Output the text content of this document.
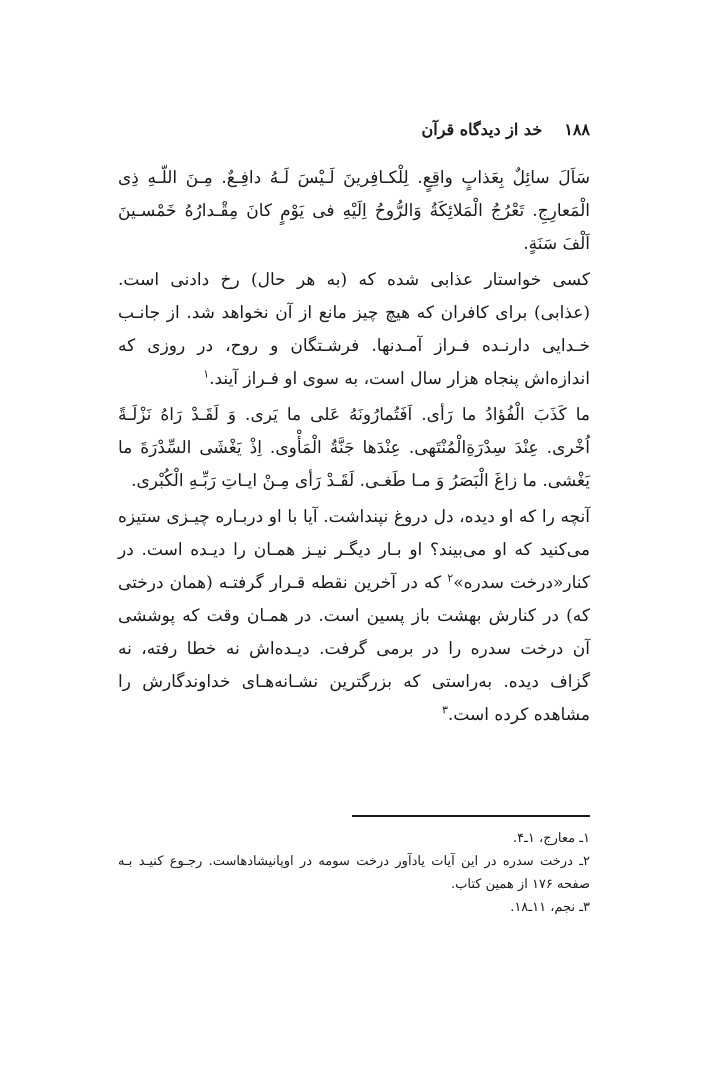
۱۸۸
خد از دیدگاه قرآن

سَاَلَ سائِلٌ بِعَذابٍ واقِعٍ. لِلْکـافِرینَ لَـیْسَ لَـهُ دافِـعٌ. مِـنَ اللّـهِ ذِی الْمَعارِجِ. تَعْرُجُ الْمَلائِکَةُ وَالرُّوحُ اِلَیْهِ فی یَوْمٍ کانَ مِقْـدارُهُ خَمْسـینَ اَلْفَ سَنَةٍ.

کسی خواستار عذابی شده که (به هر حال) رخ دادنی است. (عذابی) برای کافران که هیچ چیز مانع از آن نخواهد شد. از جانـب خـدایی دارنـده فـراز آمـدنها. فرشـتگان و روح، در روزی که اندازه‌اش پنجاه هزار سال است، به سوی او فـراز آیند.$^۱$

ما کَذَبَ الْفُؤادُ ما رَأی. اَفَتُمارُونَهُ عَلی ما یَری. وَ لَقَـدْ رَاهُ نَزْلَـةً اُخْری. عِنْدَ سِدْرَةِالْمُنْتَهی. عِنْدَها جَنَّةُ الْمَأْوی. اِذْ یَغْشَی السِّدْرَةَ ما یَغْشی. ما زاغَ الْبَصَرُ وَ مـا طَغـی. لَقَـدْ رَأی مِـنْ ایـاتِ رَبِّـهِ الْکُبْری.

آنچه را که او دیده، دل دروغ نپنداشت. آیا با او دربـاره چیـزی ستیزه می‌کنید که او می‌بیند؟ او بـار دیگـر نیـز همـان را دیـده است. در کنار«درخت سدره»$^۲$ که در آخرین نقطه قـرار گرفتـه (همان درختی که) در کنارش بهشت باز پسین است. در همـان وقت که پوششی آن درخت سدره را در برمی گرفت. دیـده‌اش نه خطا رفته، نه گزاف دیده. به‌راستی که بزرگترین نشـانه‌هـای خداوندگارش را مشاهده کرده است.$^۳$

۱ـ معارج، ۱ـ۴.

۲ـ درخت سدره در این آیات یادآور درخت سومه در اوپانیشادهاست. رجـوع کنیـد بـه صفحه ۱۷۶ از همین کتاب.

۳ـ نجم، ۱۱ـ۱۸.
